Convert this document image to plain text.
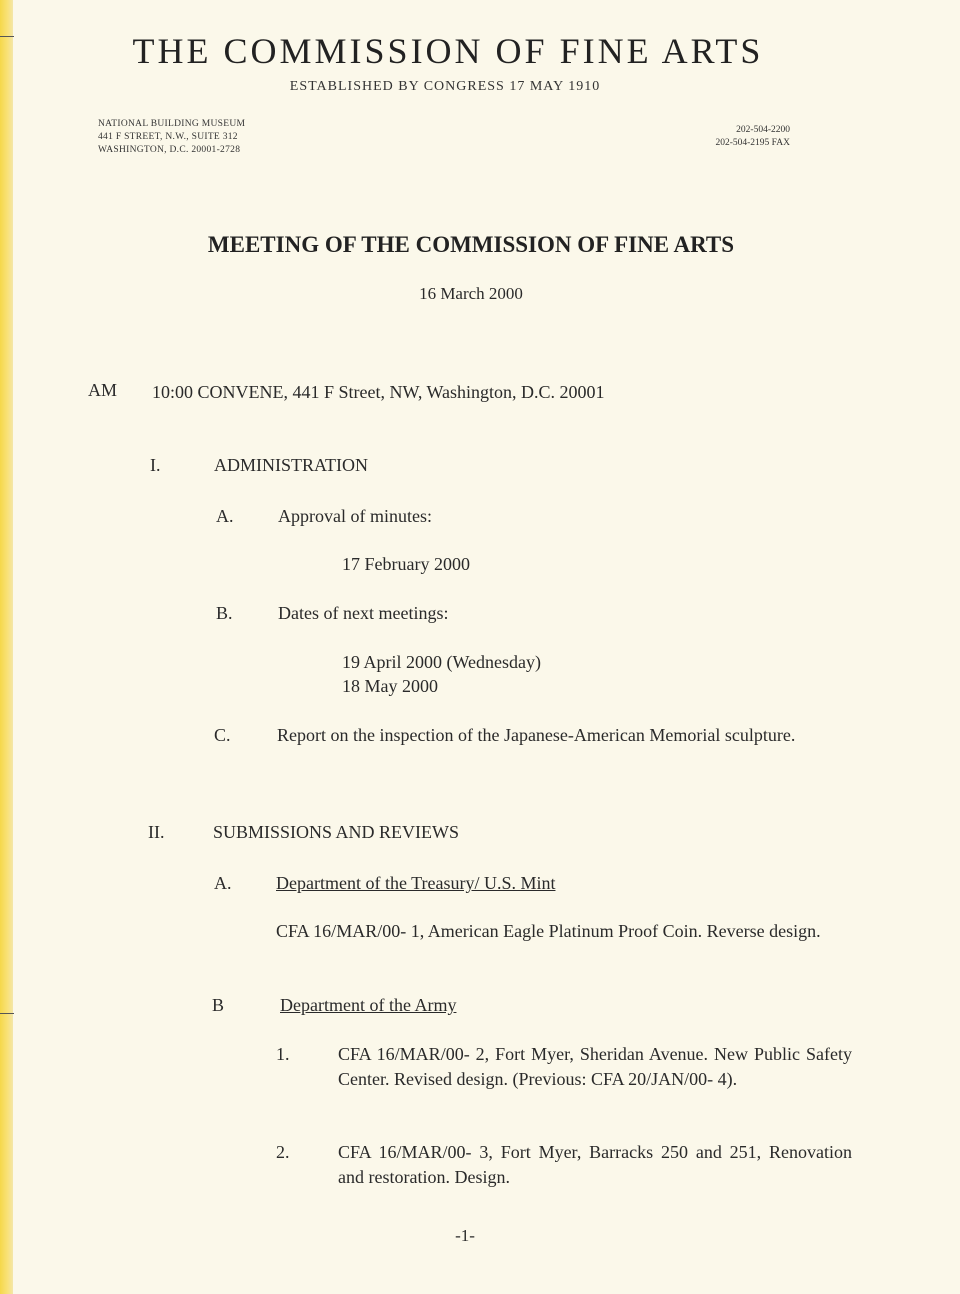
THE COMMISSION OF FINE ARTS
ESTABLISHED BY CONGRESS 17 MAY 1910
NATIONAL BUILDING MUSEUM
441 F STREET, N.W., SUITE 312
WASHINGTON, D.C. 20001-2728
202-504-2200
202-504-2195 FAX
MEETING OF THE COMMISSION OF FINE ARTS
16 March 2000
AM 10:00 CONVENE, 441 F Street, NW, Washington, D.C. 20001
I.	ADMINISTRATION
A. Approval of minutes:
17 February 2000
B.	Dates of next meetings:
19 April 2000 (Wednesday)
18 May 2000
C.	Report on the inspection of the Japanese-American Memorial sculpture.
II.	SUBMISSIONS AND REVIEWS
A. Department of the Treasury/ U.S. Mint
CFA 16/MAR/00- 1, American Eagle Platinum Proof Coin. Reverse design.
B	Department of the Army
1.	CFA 16/MAR/00- 2, Fort Myer, Sheridan Avenue. New Public Safety Center. Revised design. (Previous: CFA 20/JAN/00- 4).
2.	CFA 16/MAR/00- 3, Fort Myer, Barracks 250 and 251, Renovation and restoration. Design.
-1-
